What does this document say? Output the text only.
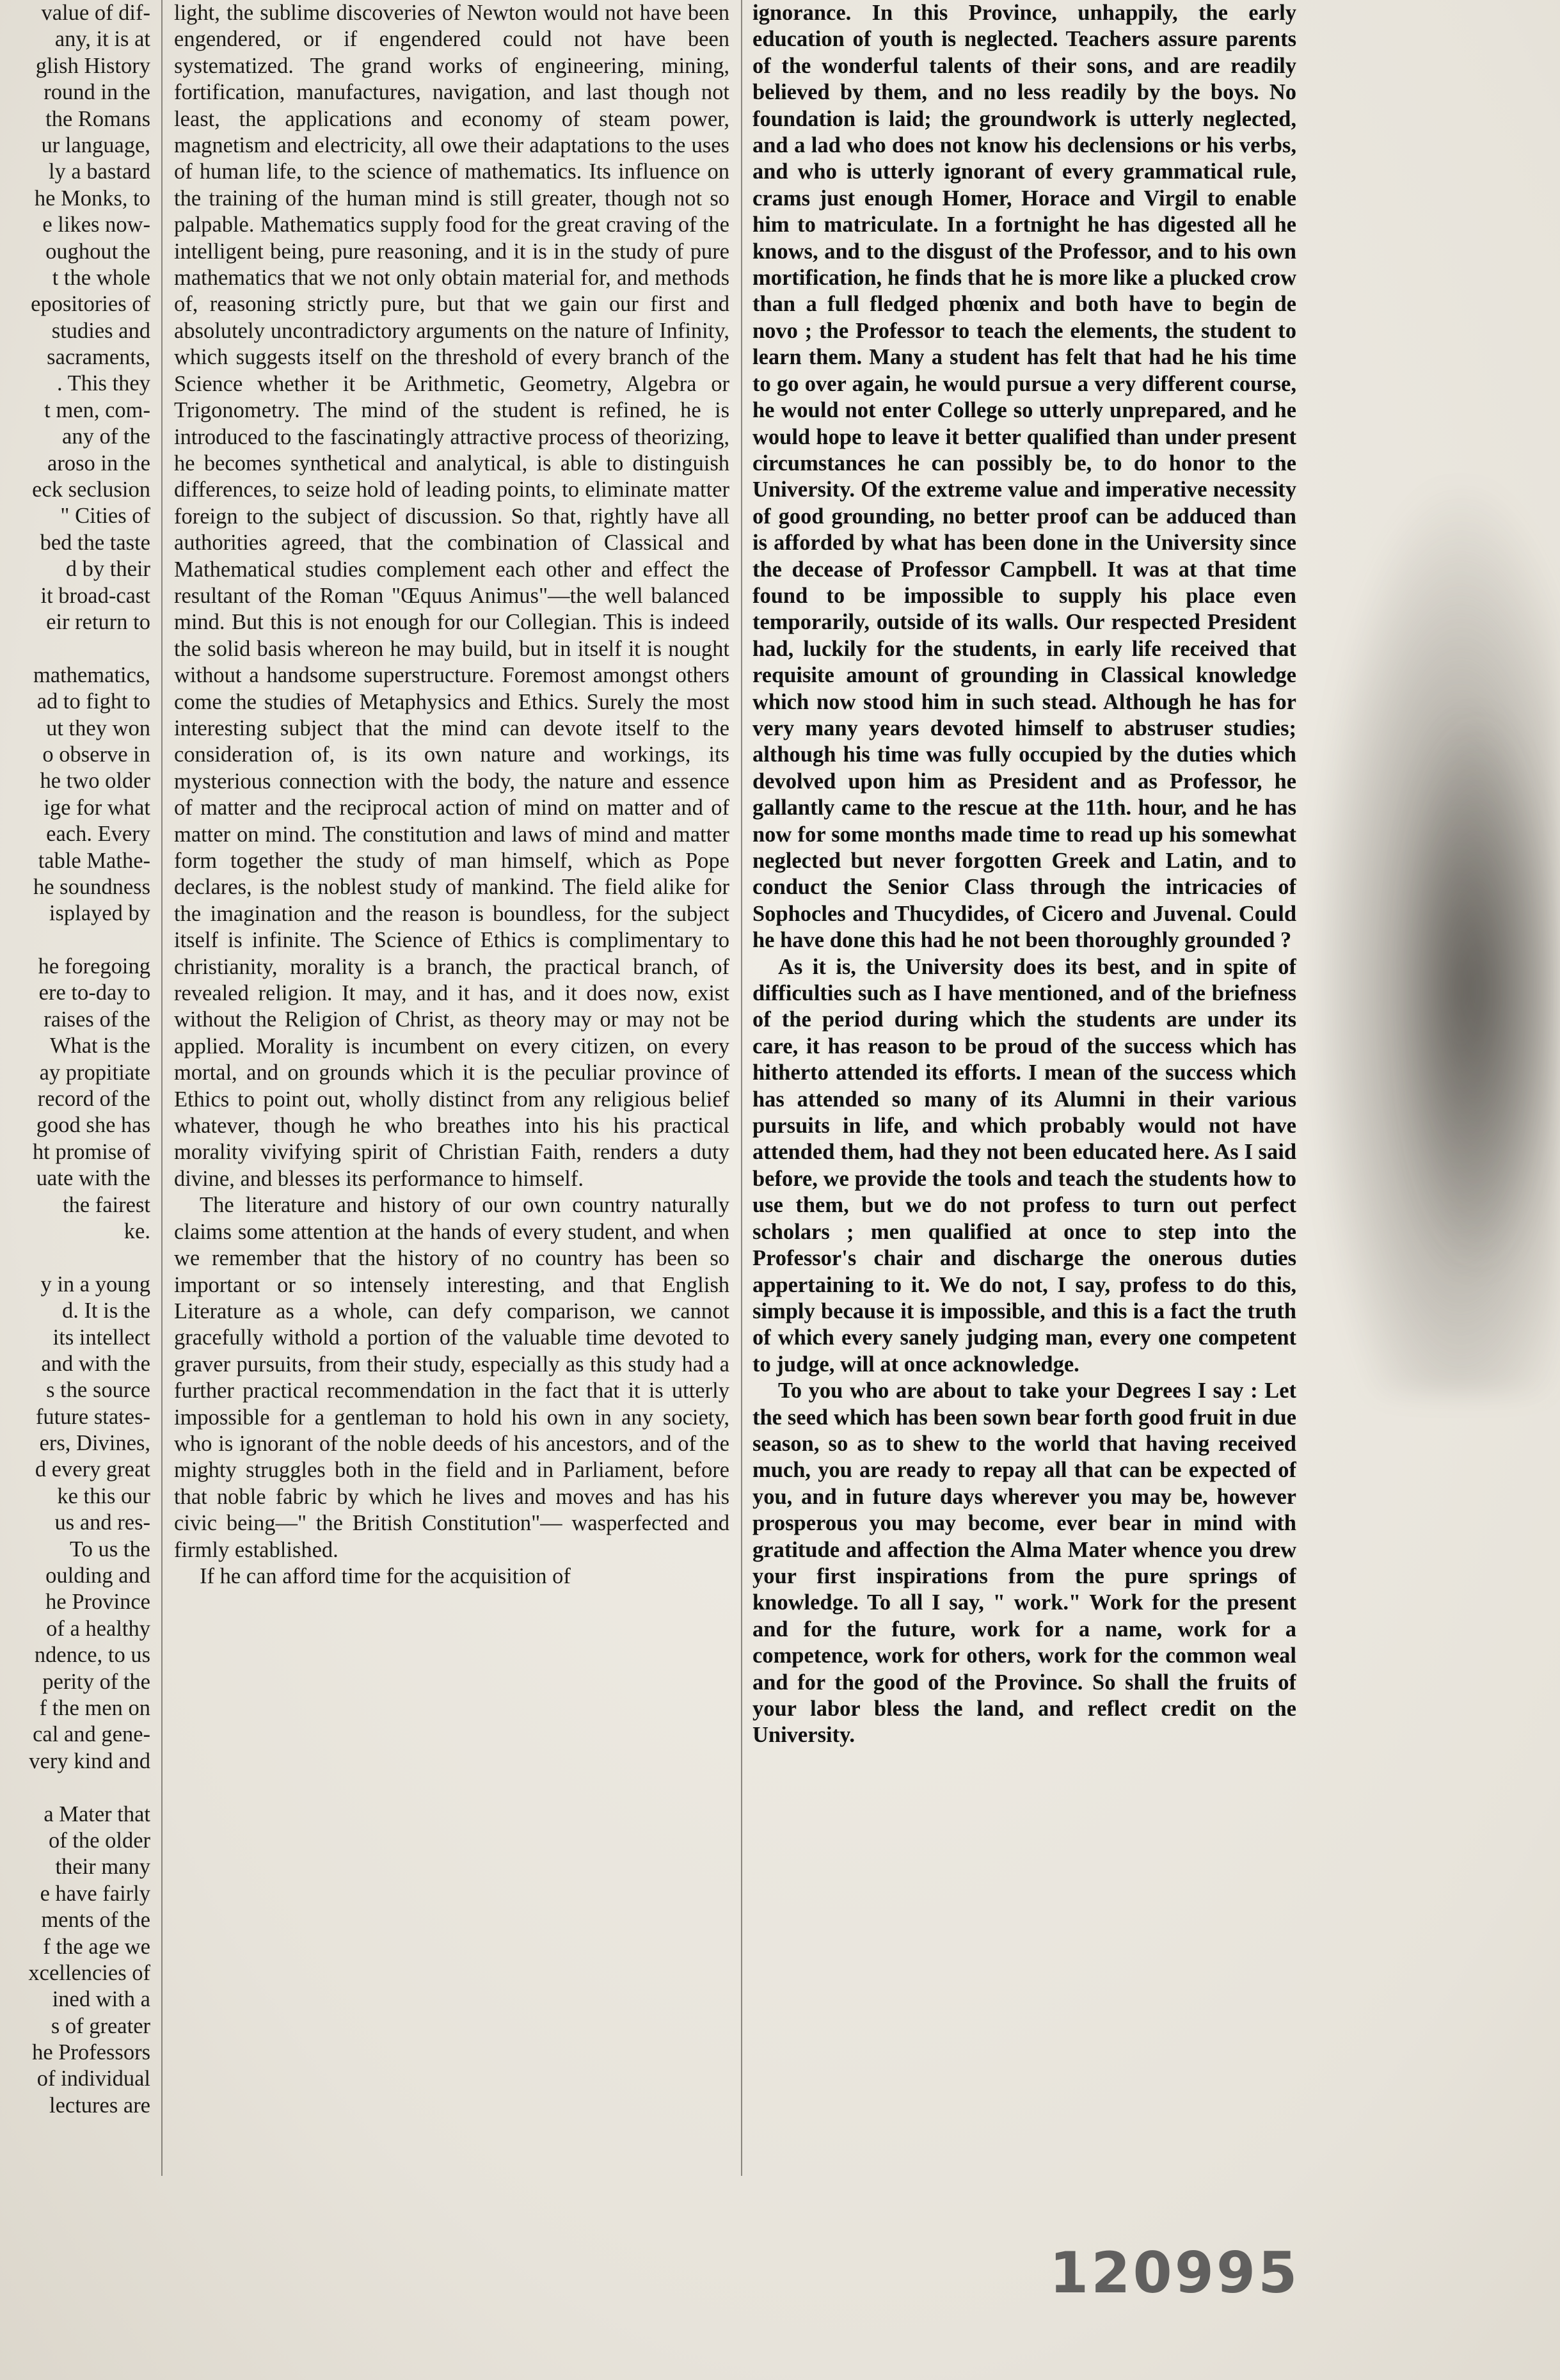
value of dif-
any, it is at
glish History
round in the
the Romans
ur language,
ly a bastard
he Monks, to
e likes now-
oughout the
t the whole
epositories of
studies and
sacraments,
. This they
t men, com-
any of the
aroso in the
eck seclusion
" Cities of
bed the taste
d by their
it broad-cast
eir return to

mathematics,
ad to fight to
ut they won
o observe in
he two older
ige for what
each. Every
table Mathe-
he soundness
isplayed by

he foregoing
ere to-day to
raises of the
What is the
ay propitiate
record of the
good she has
ht promise of
uate with the
the fairest
ke.

y in a young
d. It is the
its intellect
and with the
s the source
future states-
ers, Divines,
d every great
ke this our
us and res-
To us the
oulding and
he Province
of a healthy
ndence, to us
perity of the
f the men on
cal and gene-
very kind and

a Mater that
of the older
their many
e have fairly
ments of the
f the age we
xcellencies of
ined with a
s of greater
he Professors
of individual
lectures are

light, the sublime discoveries of Newton would not have been engendered, or if engendered could not have been systematized. The grand works of engineering, mining, fortification, manufactures, navigation, and last though not least, the applications and economy of steam power, magnetism and electricity, all owe their adaptations to the uses of human life, to the science of mathematics. Its influence on the training of the human mind is still greater, though not so palpable. Mathematics supply food for the great craving of the intelligent being, pure reasoning, and it is in the study of pure mathematics that we not only obtain material for, and methods of, reasoning strictly pure, but that we gain our first and absolutely uncontradictory arguments on the nature of Infinity, which suggests itself on the threshold of every branch of the Science whether it be Arithmetic, Geometry, Algebra or Trigonometry. The mind of the student is refined, he is introduced to the fascinatingly attractive process of theorizing, he becomes synthetical and analytical, is able to distinguish differences, to seize hold of leading points, to eliminate matter foreign to the subject of discussion. So that, rightly have all authorities agreed, that the combination of Classical and Mathematical studies complement each other and effect the resultant of the Roman "Œquus Animus"—the well balanced mind. But this is not enough for our Collegian. This is indeed the solid basis whereon he may build, but in itself it is nought without a handsome superstructure. Foremost amongst others come the studies of Metaphysics and Ethics. Surely the most interesting subject that the mind can devote itself to the consideration of, is its own nature and workings, its mysterious connection with the body, the nature and essence of matter and the reciprocal action of mind on matter and of matter on mind. The constitution and laws of mind and matter form together the study of man himself, which as Pope declares, is the noblest study of mankind. The field alike for the imagination and the reason is boundless, for the subject itself is infinite. The Science of Ethics is complimentary to christianity, morality is a branch, the practical branch, of revealed religion. It may, and it has, and it does now, exist without the Religion of Christ, as theory may or may not be applied. Morality is incumbent on every citizen, on every mortal, and on grounds which it is the peculiar province of Ethics to point out, wholly distinct from any religious belief whatever, though he who breathes into his his practical morality vivifying spirit of Christian Faith, renders a duty divine, and blesses its performance to himself.

The literature and history of our own country naturally claims some attention at the hands of every student, and when we remember that the history of no country has been so important or so intensely interesting, and that English Literature as a whole, can defy comparison, we cannot gracefully withold a portion of the valuable time devoted to graver pursuits, from their study, especially as this study had a further practical recommendation in the fact that it is utterly impossible for a gentleman to hold his own in any society, who is ignorant of the noble deeds of his ancestors, and of the mighty struggles both in the field and in Parliament, before that noble fabric by which he lives and moves and has his civic being—" the British Constitution"— wasperfected and firmly established.

If he can afford time for the acquisition of

ignorance. In this Province, unhappily, the early education of youth is neglected. Teachers assure parents of the wonderful talents of their sons, and are readily believed by them, and no less readily by the boys. No foundation is laid; the groundwork is utterly neglected, and a lad who does not know his declensions or his verbs, and who is utterly ignorant of every grammatical rule, crams just enough Homer, Horace and Virgil to enable him to matriculate. In a fortnight he has digested all he knows, and to the disgust of the Professor, and to his own mortification, he finds that he is more like a plucked crow than a full fledged phœnix and both have to begin de novo ; the Professor to teach the elements, the student to learn them. Many a student has felt that had he his time to go over again, he would pursue a very different course, he would not enter College so utterly unprepared, and he would hope to leave it better qualified than under present circumstances he can possibly be, to do honor to the University. Of the extreme value and imperative necessity of good grounding, no better proof can be adduced than is afforded by what has been done in the University since the decease of Professor Campbell. It was at that time found to be impossible to supply his place even temporarily, outside of its walls. Our respected President had, luckily for the students, in early life received that requisite amount of grounding in Classical knowledge which now stood him in such stead. Although he has for very many years devoted himself to abstruser studies; although his time was fully occupied by the duties which devolved upon him as President and as Professor, he gallantly came to the rescue at the 11th. hour, and he has now for some months made time to read up his somewhat neglected but never forgotten Greek and Latin, and to conduct the Senior Class through the intricacies of Sophocles and Thucydides, of Cicero and Juvenal. Could he have done this had he not been thoroughly grounded ?

As it is, the University does its best, and in spite of difficulties such as I have mentioned, and of the briefness of the period during which the students are under its care, it has reason to be proud of the success which has hitherto attended its efforts. I mean of the success which has attended so many of its Alumni in their various pursuits in life, and which probably would not have attended them, had they not been educated here. As I said before, we provide the tools and teach the students how to use them, but we do not profess to turn out perfect scholars ; men qualified at once to step into the Professor's chair and discharge the onerous duties appertaining to it. We do not, I say, profess to do this, simply because it is impossible, and this is a fact the truth of which every sanely judging man, every one competent to judge, will at once acknowledge.

To you who are about to take your Degrees I say : Let the seed which has been sown bear forth good fruit in due season, so as to shew to the world that having received much, you are ready to repay all that can be expected of you, and in future days wherever you may be, however prosperous you may become, ever bear in mind with gratitude and affection the Alma Mater whence you drew your first inspirations from the pure springs of knowledge. To all I say, " work." Work for the present and for the future, work for a name, work for a competence, work for others, work for the common weal and for the good of the Province. So shall the fruits of your labor bless the land, and reflect credit on the University.

120995
